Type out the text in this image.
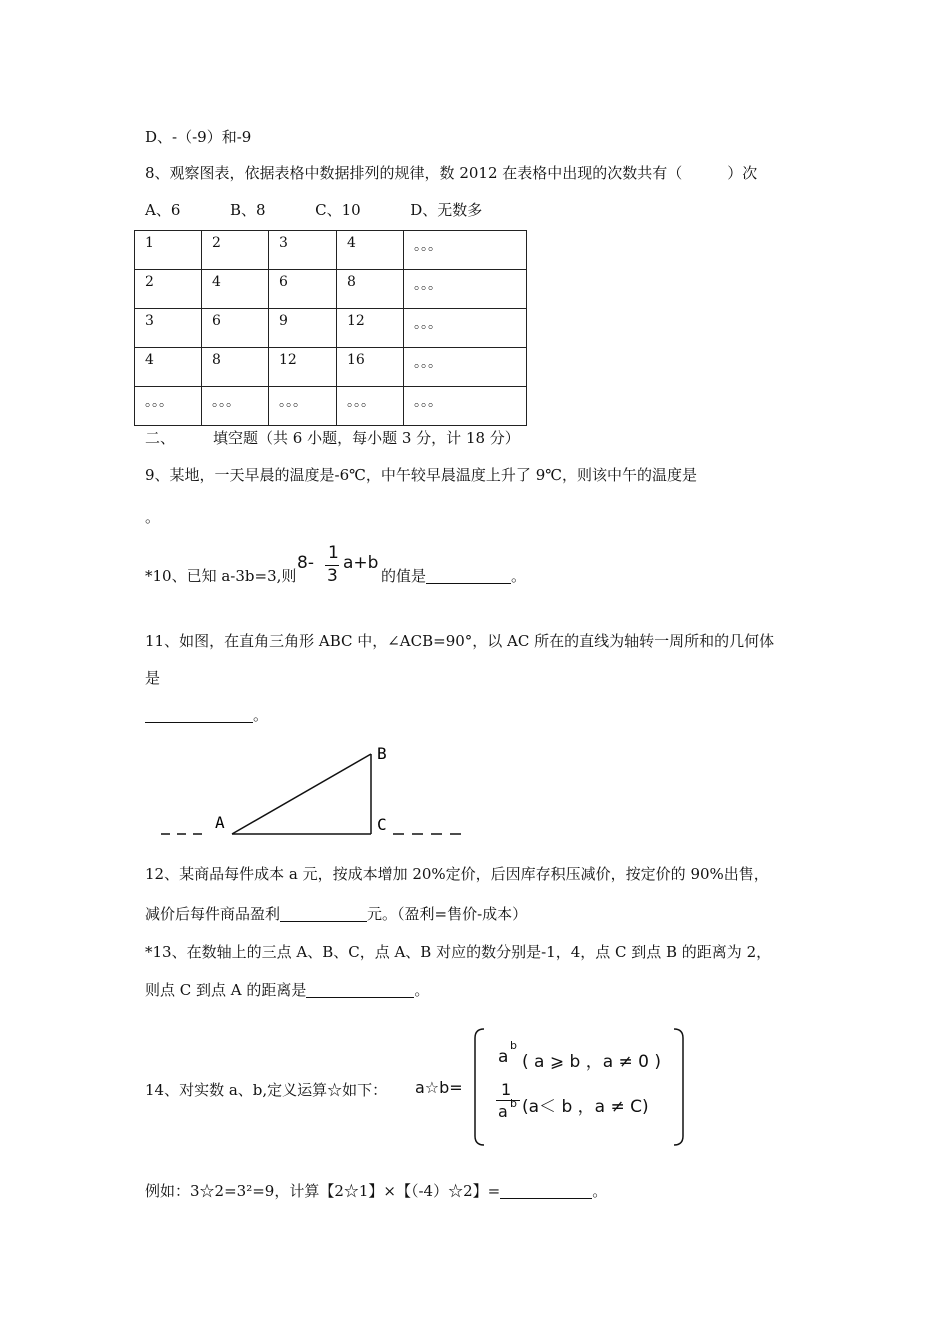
D、-（-9）和-9
8、观察图表，依据表格中数据排列的规律，数 2012 在表格中出现的次数共有（　　　）次
A、6	B、8	C、10	D、无数多
1	2	3	4	。。。
2	4	6	8	。。。
3	6	9	12	。。。
4	8	12	16	。。。
。。。	。。。	。。。	。。。	。。。
二、	填空题（共 6 小题，每小题 3 分，计 18 分）
9、某地，一天早晨的温度是-6℃，中午较早晨温度上升了 9℃，则该中午的温度是
。
*10、已知 a-3b=3,则
8- 1
3
a+b
的值是	。
11、如图，在直角三角形 ABC 中，∠ACB=90°，以 AC 所在的直线为轴转一周所和的几何体
是
。
A
B
C
12、某商品每件成本 a 元，按成本增加 20%定价，后因库存积压减价，按定价的 90%出售，
减价后每件商品盈利	元。（盈利=售价-成本）
*13、在数轴上的三点 A、B、C，点 A、B 对应的数分别是-1，4，点 C 到点 B 的距离为 2，
则点 C 到点 A 的距离是	。
14、对实数 a、b,定义运算☆如下： a☆b=
a
b
( a ⩾ b ，a ≠ 0 )
1
a b (a＜ b ，a ≠ C)
例如：3☆2=3²=9，计算【2☆1】×【（-4）☆2】=	。
